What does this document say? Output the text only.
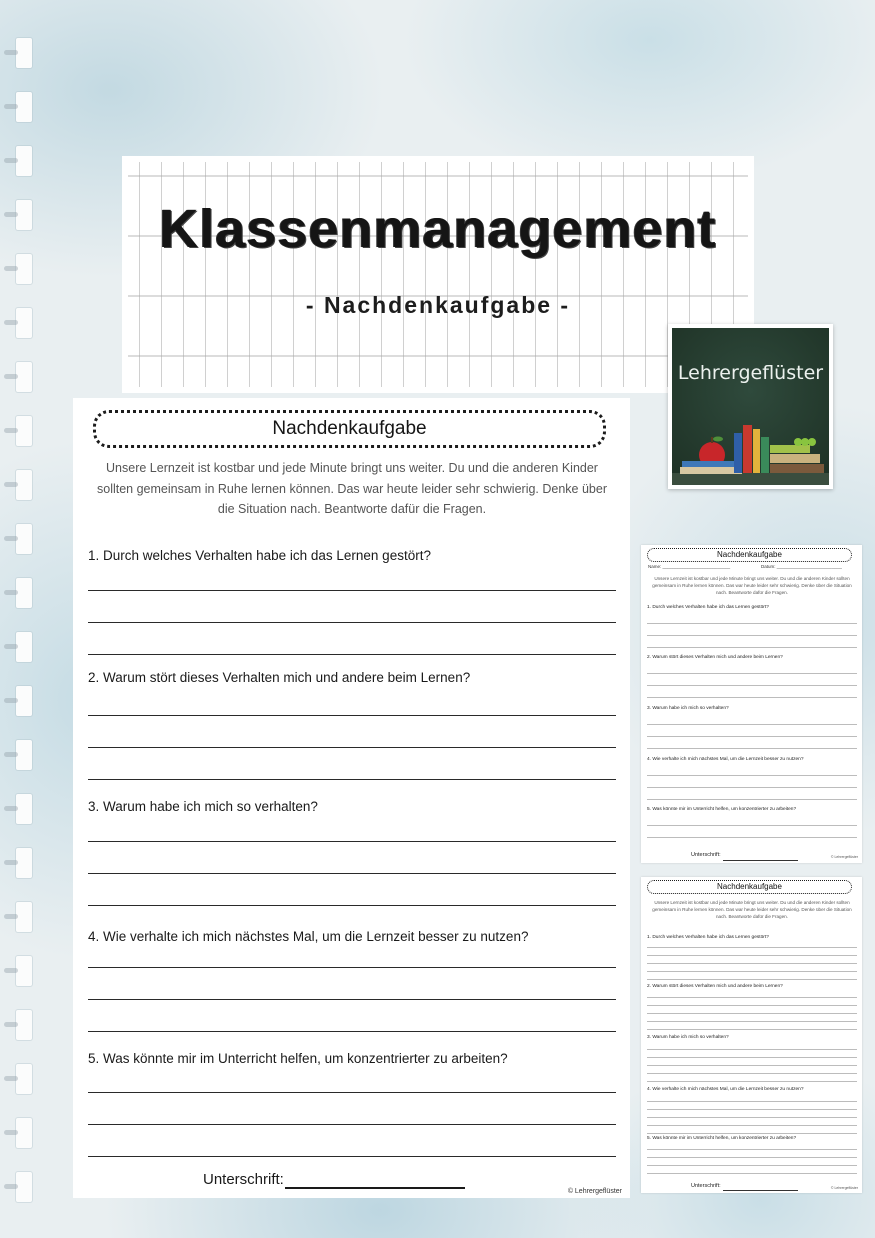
Klassenmanagement
- Nachdenkaufgabe -
Lehrergeflüster
Nachdenkaufgabe
Unsere Lernzeit ist kostbar und jede Minute bringt uns weiter. Du und die anderen Kinder sollten gemeinsam in Ruhe lernen können. Das war heute leider sehr schwierig. Denke über die Situation nach. Beantworte dafür die Fragen.
1. Durch welches Verhalten habe ich das Lernen gestört?
2. Warum stört dieses Verhalten mich und andere beim Lernen?
3. Warum habe ich mich so verhalten?
4. Wie verhalte ich mich nächstes Mal, um die Lernzeit besser zu nutzen?
5. Was könnte mir im Unterricht helfen, um konzentrierter zu arbeiten?
Unterschrift:
© Lehrergeflüster
Nachdenkaufgabe
Name: ___________________________	Datum: __________________________
Unsere Lernzeit ist kostbar und jede Minute bringt uns weiter. Du und die anderen Kinder sollten gemeinsam in Ruhe lernen können. Das war heute leider sehr schwierig. Denke über die Situation nach. Beantworte dafür die Fragen.
1. Durch welches Verhalten habe ich das Lernen gestört?
2. Warum stört dieses Verhalten mich und andere beim Lernen?
3. Warum habe ich mich so verhalten?
4. Wie verhalte ich mich nächstes Mal, um die Lernzeit besser zu nutzen?
5. Was könnte mir im Unterricht helfen, um konzentrierter zu arbeiten?
Unterschrift:	© Lehrergeflüster
Nachdenkaufgabe
Unsere Lernzeit ist kostbar und jede Minute bringt uns weiter. Du und die anderen Kinder sollten gemeinsam in Ruhe lernen können. Das war heute leider sehr schwierig. Denke über die Situation nach. Beantworte dafür die Fragen.
1. Durch welches Verhalten habe ich das Lernen gestört?
2. Warum stört dieses Verhalten mich und andere beim Lernen?
3. Warum habe ich mich so verhalten?
4. Wie verhalte ich mich nächstes Mal, um die Lernzeit besser zu nutzen?
5. Was könnte mir im Unterricht helfen, um konzentrierter zu arbeiten?
Unterschrift:	© Lehrergeflüster
